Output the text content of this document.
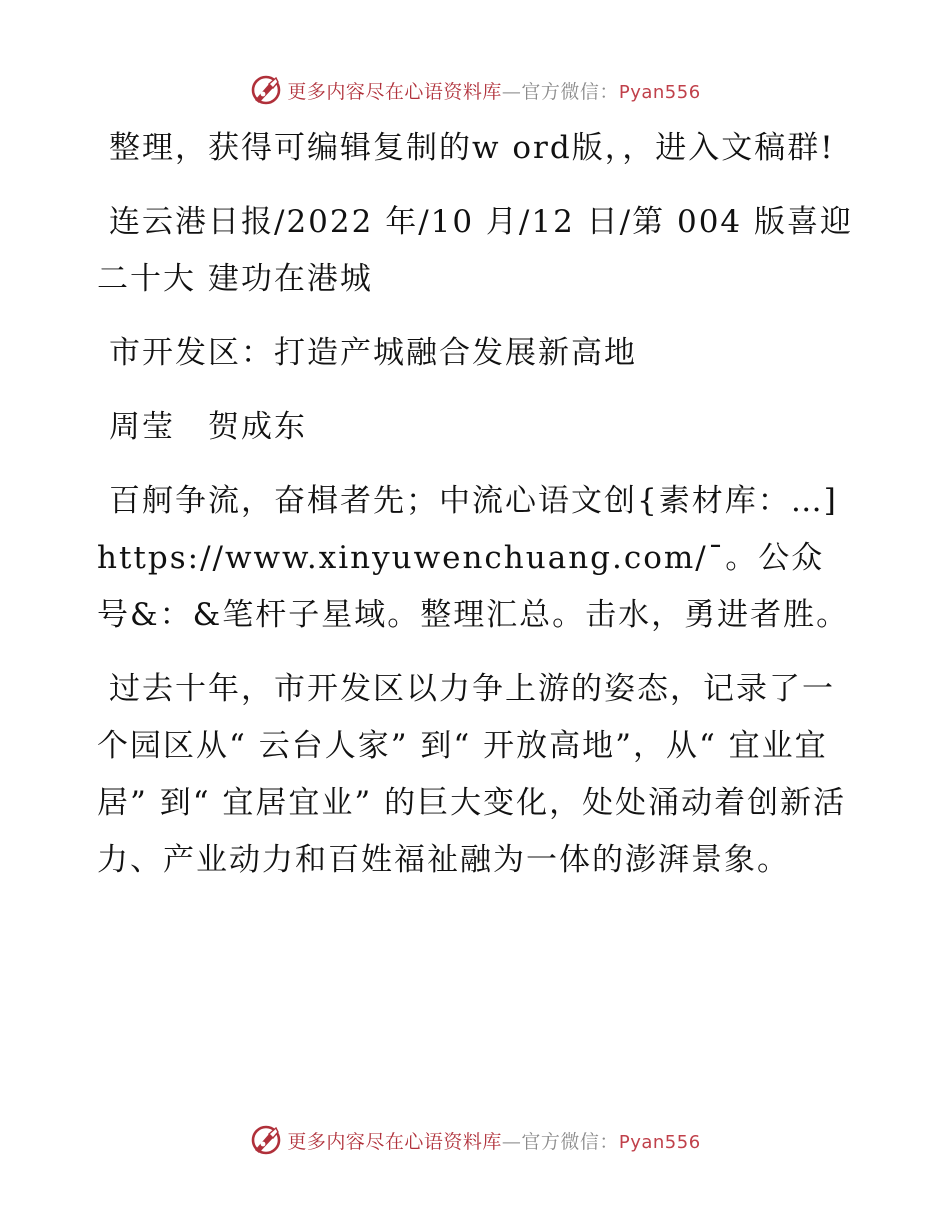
更多内容尽在心语资料库—官方微信：Pyan556

整理，获得可编辑复制的w ord版，，进入文稿群!

连云港日报/2022 年/10 月/12 日/第 004 版喜迎二十大 建功在港城

市开发区：打造产城融合发展新高地

周莹　贺成东

百舸争流，奋楫者先；中流心语文创{素材库：…]https://www.xinyuwenchuang.com/¯。公众号&：&笔杆子星域。整理汇总。击水，勇进者胜。

过去十年，市开发区以力争上游的姿态，记录了一个园区从“ 云台人家” 到“ 开放高地”，从“ 宜业宜居” 到“ 宜居宜业” 的巨大变化，处处涌动着创新活力、产业动力和百姓福祉融为一体的澎湃景象。

更多内容尽在心语资料库—官方微信：Pyan556
